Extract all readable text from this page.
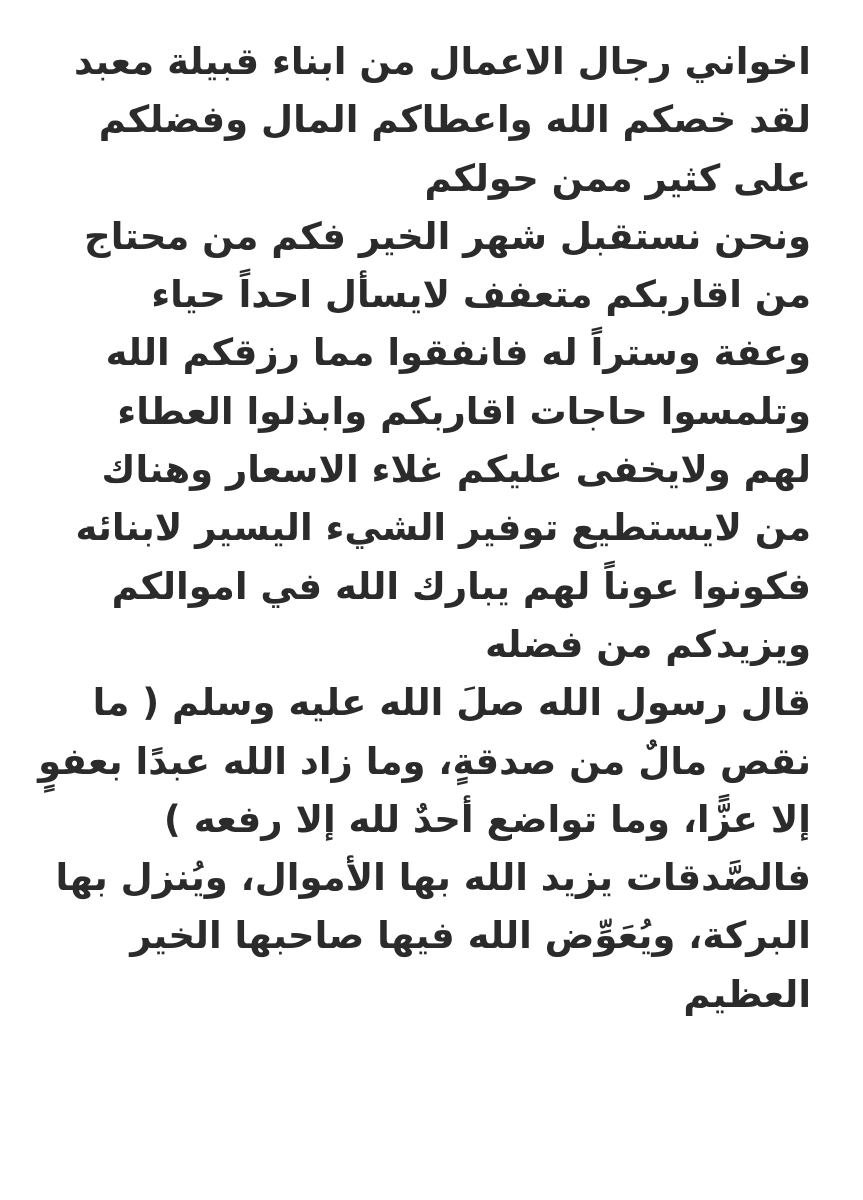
اخواني رجال الاعمال من ابناء قبيلة معبد
لقد خصكم الله واعطاكم المال وفضلكم
على كثير ممن حولكم
ونحن نستقبل شهر الخير فكم من محتاج
من اقاربكم متعفف لايسأل احداً حياء
وعفة وستراً له فانفقوا مما رزقكم الله
وتلمسوا حاجات اقاربكم وابذلوا العطاء
لهم ولايخفى عليكم غلاء الاسعار وهناك
من لايستطيع توفير الشيء اليسير لابنائه
فكونوا عوناً لهم يبارك الله في اموالكم
ويزيدكم من فضله
قال رسول الله صلَ الله عليه وسلم ( ما
نقص مالٌ من صدقةٍ، وما زاد الله عبدًا بعفوٍ
إلا عزًّا، وما تواضع أحدٌ لله إلا رفعه )
فالصَّدقات يزيد الله بها الأموال، ويُنزل بها
البركة، ويُعَوِّض الله فيها صاحبها الخير
العظيم
